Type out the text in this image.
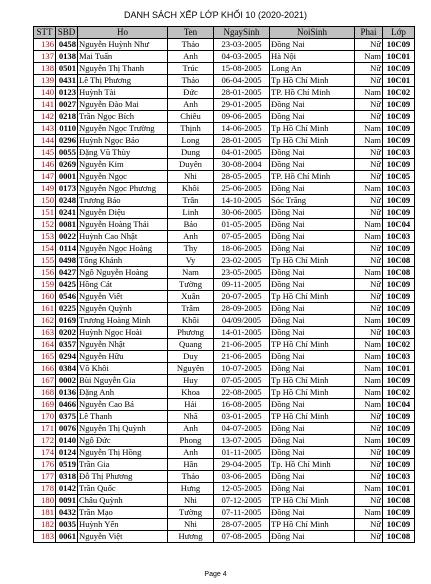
DANH SÁCH XẾP LỚP KHỐI 10 (2020-2021)
STT	SBD	Ho	Ten	NgaySinh	NoiSinh	Phai	Lớp
136	0458	Nguyễn Huỳnh Như	Thảo	23-03-2005	Đồng Nai	Nữ	10C09
137	0138	Mai Tuấn	Anh	04-03-2005	Hà Nội	Nam	10C01
138	0501	Nguyễn Thị Thanh	Trúc	15-08-2005	Long An	Nữ	10C09
139	0431	Lê Thị Phương	Thảo	06-04-2005	Tp Hồ Chí Minh	Nữ	10C01
140	0123	Huỳnh Tài	Đức	28-01-2005	TP. Hồ Chí Minh	Nam	10C02
141	0027	Nguyễn Đào Mai	Anh	29-01-2005	Đồng Nai	Nữ	10C09
142	0218	Trần Ngọc Bích	Chiêu	09-06-2005	Đồng Nai	Nữ	10C09
143	0110	Nguyễn Ngọc Trường	Thịnh	14-06-2005	Tp Hồ Chí Minh	Nam	10C09
144	0296	Huỳnh Ngọc Bảo	Long	28-01-2005	Tp Hồ Chí Minh	Nam	10C09
145	0055	Đặng Vũ Thùy	Dung	04-01-2005	Đồng Nai	Nữ	10C03
146	0269	Nguyễn Kim	Duyên	30-08-2004	Đồng Nai	Nữ	10C09
147	0001	Nguyễn Ngọc	Nhi	28-05-2005	TP. Hồ Chí Minh	Nữ	10C05
149	0173	Nguyễn Ngọc Phương	Khôi	25-06-2005	Đồng Nai	Nam	10C03
150	0248	Trương Bảo	Trân	14-10-2005	Sóc Trăng	Nữ	10C09
151	0241	Nguyễn Diệu	Linh	30-06-2005	Đồng Nai	Nữ	10C09
152	0081	Nguyễn Hoàng Thái	Bảo	01-05-2005	Đồng Nai	Nam	10C04
153	0022	Huỳnh Cao Nhật	Anh	07-05-2005	Đồng Nai	Nam	10C03
154	0114	Nguyễn Ngọc Hoàng	Thy	18-06-2005	Đồng Nai	Nữ	10C09
155	0498	Tống Khánh	Vy	23-02-2005	Tp Hồ Chí Minh	Nữ	10C08
156	0427	Ngô Nguyễn Hoàng	Nam	23-05-2005	Đồng Nai	Nam	10C08
159	0425	Hồng Cát	Tường	09-11-2005	Đồng Nai	Nữ	10C09
160	0546	Nguyễn Viết	Xuân	20-07-2005	Tp Hồ Chí Minh	Nữ	10C09
161	0225	Nguyễn Quỳnh	Trâm	28-09-2005	Đồng Nai	Nữ	10C09
162	0169	Trương Hoàng Minh	Khôi	04/09/2005	Đồng Nai	Nam	10C09
163	0202	Huỳnh Ngọc Hoài	Phương	14-01-2005	Đồng Nai	Nữ	10C03
164	0357	Nguyễn Nhật	Quang	21-06-2005	TP Hồ Chí Minh	Nam	10C02
165	0294	Nguyễn Hữu	Duy	21-06-2005	Đồng Nai	Nam	10C03
166	0384	Võ Khôi	Nguyên	10-07-2005	Đồng Nai	Nam	10C01
167	0002	Bùi Nguyễn Gia	Huy	07-05-2005	Tp Hồ Chí Minh	Nam	10C09
168	0136	Đặng Anh	Khoa	22-08-2005	Tp Hồ Chí Minh	Nam	10C02
169	0466	Nguyễn Cao Bá	Hải	16-08-2005	Đồng Nai	Nam	10C04
170	0375	Lê Thanh	Nhã	03-01-2005	TP Hồ Chí Minh	Nữ	10C09
171	0076	Nguyễn Thị Quỳnh	Anh	04-07-2005	Đồng Nai	Nữ	10C09
172	0140	Ngô Đức	Phong	13-07-2005	Đồng Nai	Nam	10C09
174	0124	Nguyễn Thị Hồng	Anh	01-11-2005	Đồng Nai	Nữ	10C09
176	0519	Trần Gia	Hân	29-04-2005	Tp. Hồ Chí Minh	Nữ	10C09
177	0318	Đỗ Thị Phương	Thảo	03-06-2005	Đồng Nai	Nữ	10C03
178	0142	Trần Quốc	Hưng	12-05-2005	Đồng Nai	Nam	10C01
180	0091	Châu Quỳnh	Nhi	07-12-2005	TP Hồ Chí Minh	Nữ	10C08
181	0432	Trần Mạo	Tường	07-11-2005	Đồng Nai	Nam	10C09
182	0035	Huỳnh Yến	Nhi	28-07-2005	TP Hồ Chí Minh	Nữ	10C09
183	0061	Nguyễn Việt	Hương	07-08-2005	Đồng Nai	Nữ	10C08
Page 4
